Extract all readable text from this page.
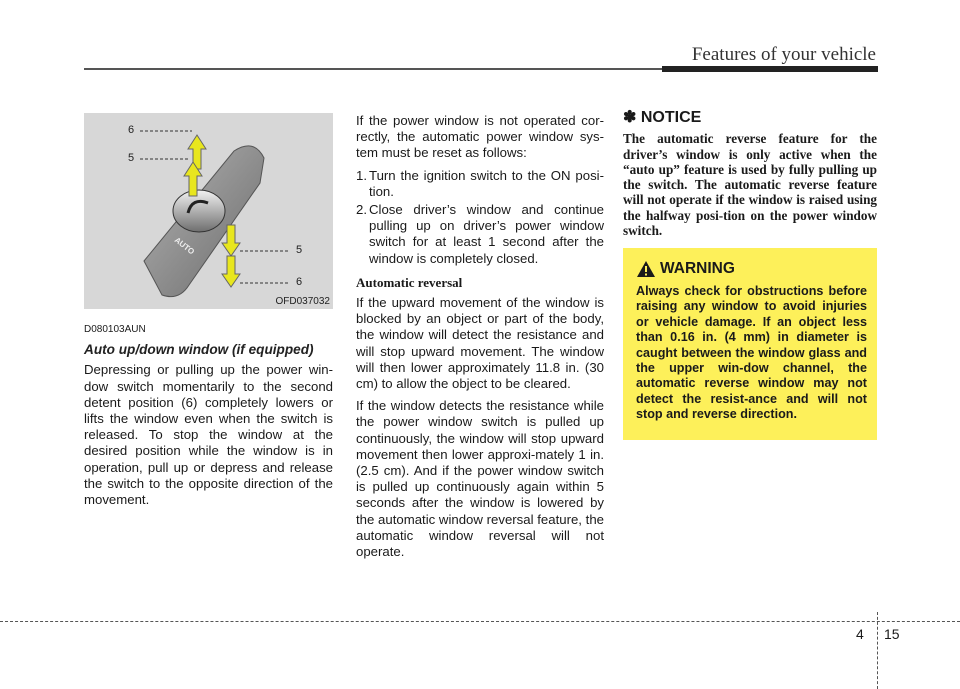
Features of your vehicle
AUTO
6
5
5
6
OFD037032
D080103AUN
Auto up/down window (if equipped)

Depressing or pulling up the power win-dow switch momentarily to the second detent position (6) completely lowers or lifts the window even when the switch is released. To stop the window at the desired position while the window is in operation, pull up or depress and release the switch to the opposite direction of the movement.

If the power window is not operated cor-rectly, the automatic power window sys-tem must be reset as follows:

1. Turn the ignition switch to the ON posi-tion.
2. Close driver’s window and continue pulling up on driver’s power window switch for at least 1 second after the window is completely closed.
Automatic reversal

If the upward movement of the window is blocked by an object or part of the body, the window will detect the resistance and will stop upward movement. The window will then lower approximately 11.8 in. (30 cm) to allow the object to be cleared.

If the window detects the resistance while the power window switch is pulled up continuously, the window will stop upward movement then lower approxi-mately 1 in. (2.5 cm). And if the power window switch is pulled up continuously again within 5 seconds after the window is lowered by the automatic window reversal feature, the automatic window reversal will not operate.

✽ NOTICE

The automatic reverse feature for the driver’s window is only active when the “auto up” feature is used by fully pulling up the switch. The automatic reverse feature will not operate if the window is raised using the halfway posi-tion on the power window switch.

WARNING

Always check for obstructions before raising any window to avoid injuries or vehicle damage. If an object less than 0.16 in. (4 mm) in diameter is caught between the window glass and the upper win-dow channel, the automatic reverse window may not detect the resist-ance and will not stop and reverse direction.

4 15
